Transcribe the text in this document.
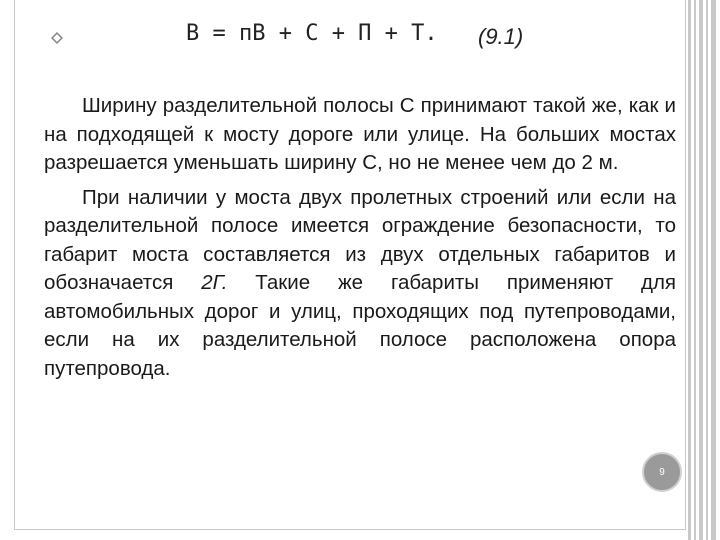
В = пВ + С + П + Т. (9.1)

Ширину разделительной полосы С принимают такой же, как и на подходящей к мосту дороге или улице. На больших мостах разрешается уменьшать ширину С, но не менее чем до 2 м.

При наличии у моста двух пролетных строений или если на разделительной полосе имеется ограждение безопасности, то габарит моста составляется из двух отдельных габаритов и обозначается 2Г. Такие же габариты применяют для автомобильных дорог и улиц, проходящих под путепроводами, если на их разделительной полосе расположена опора путепровода.

9
